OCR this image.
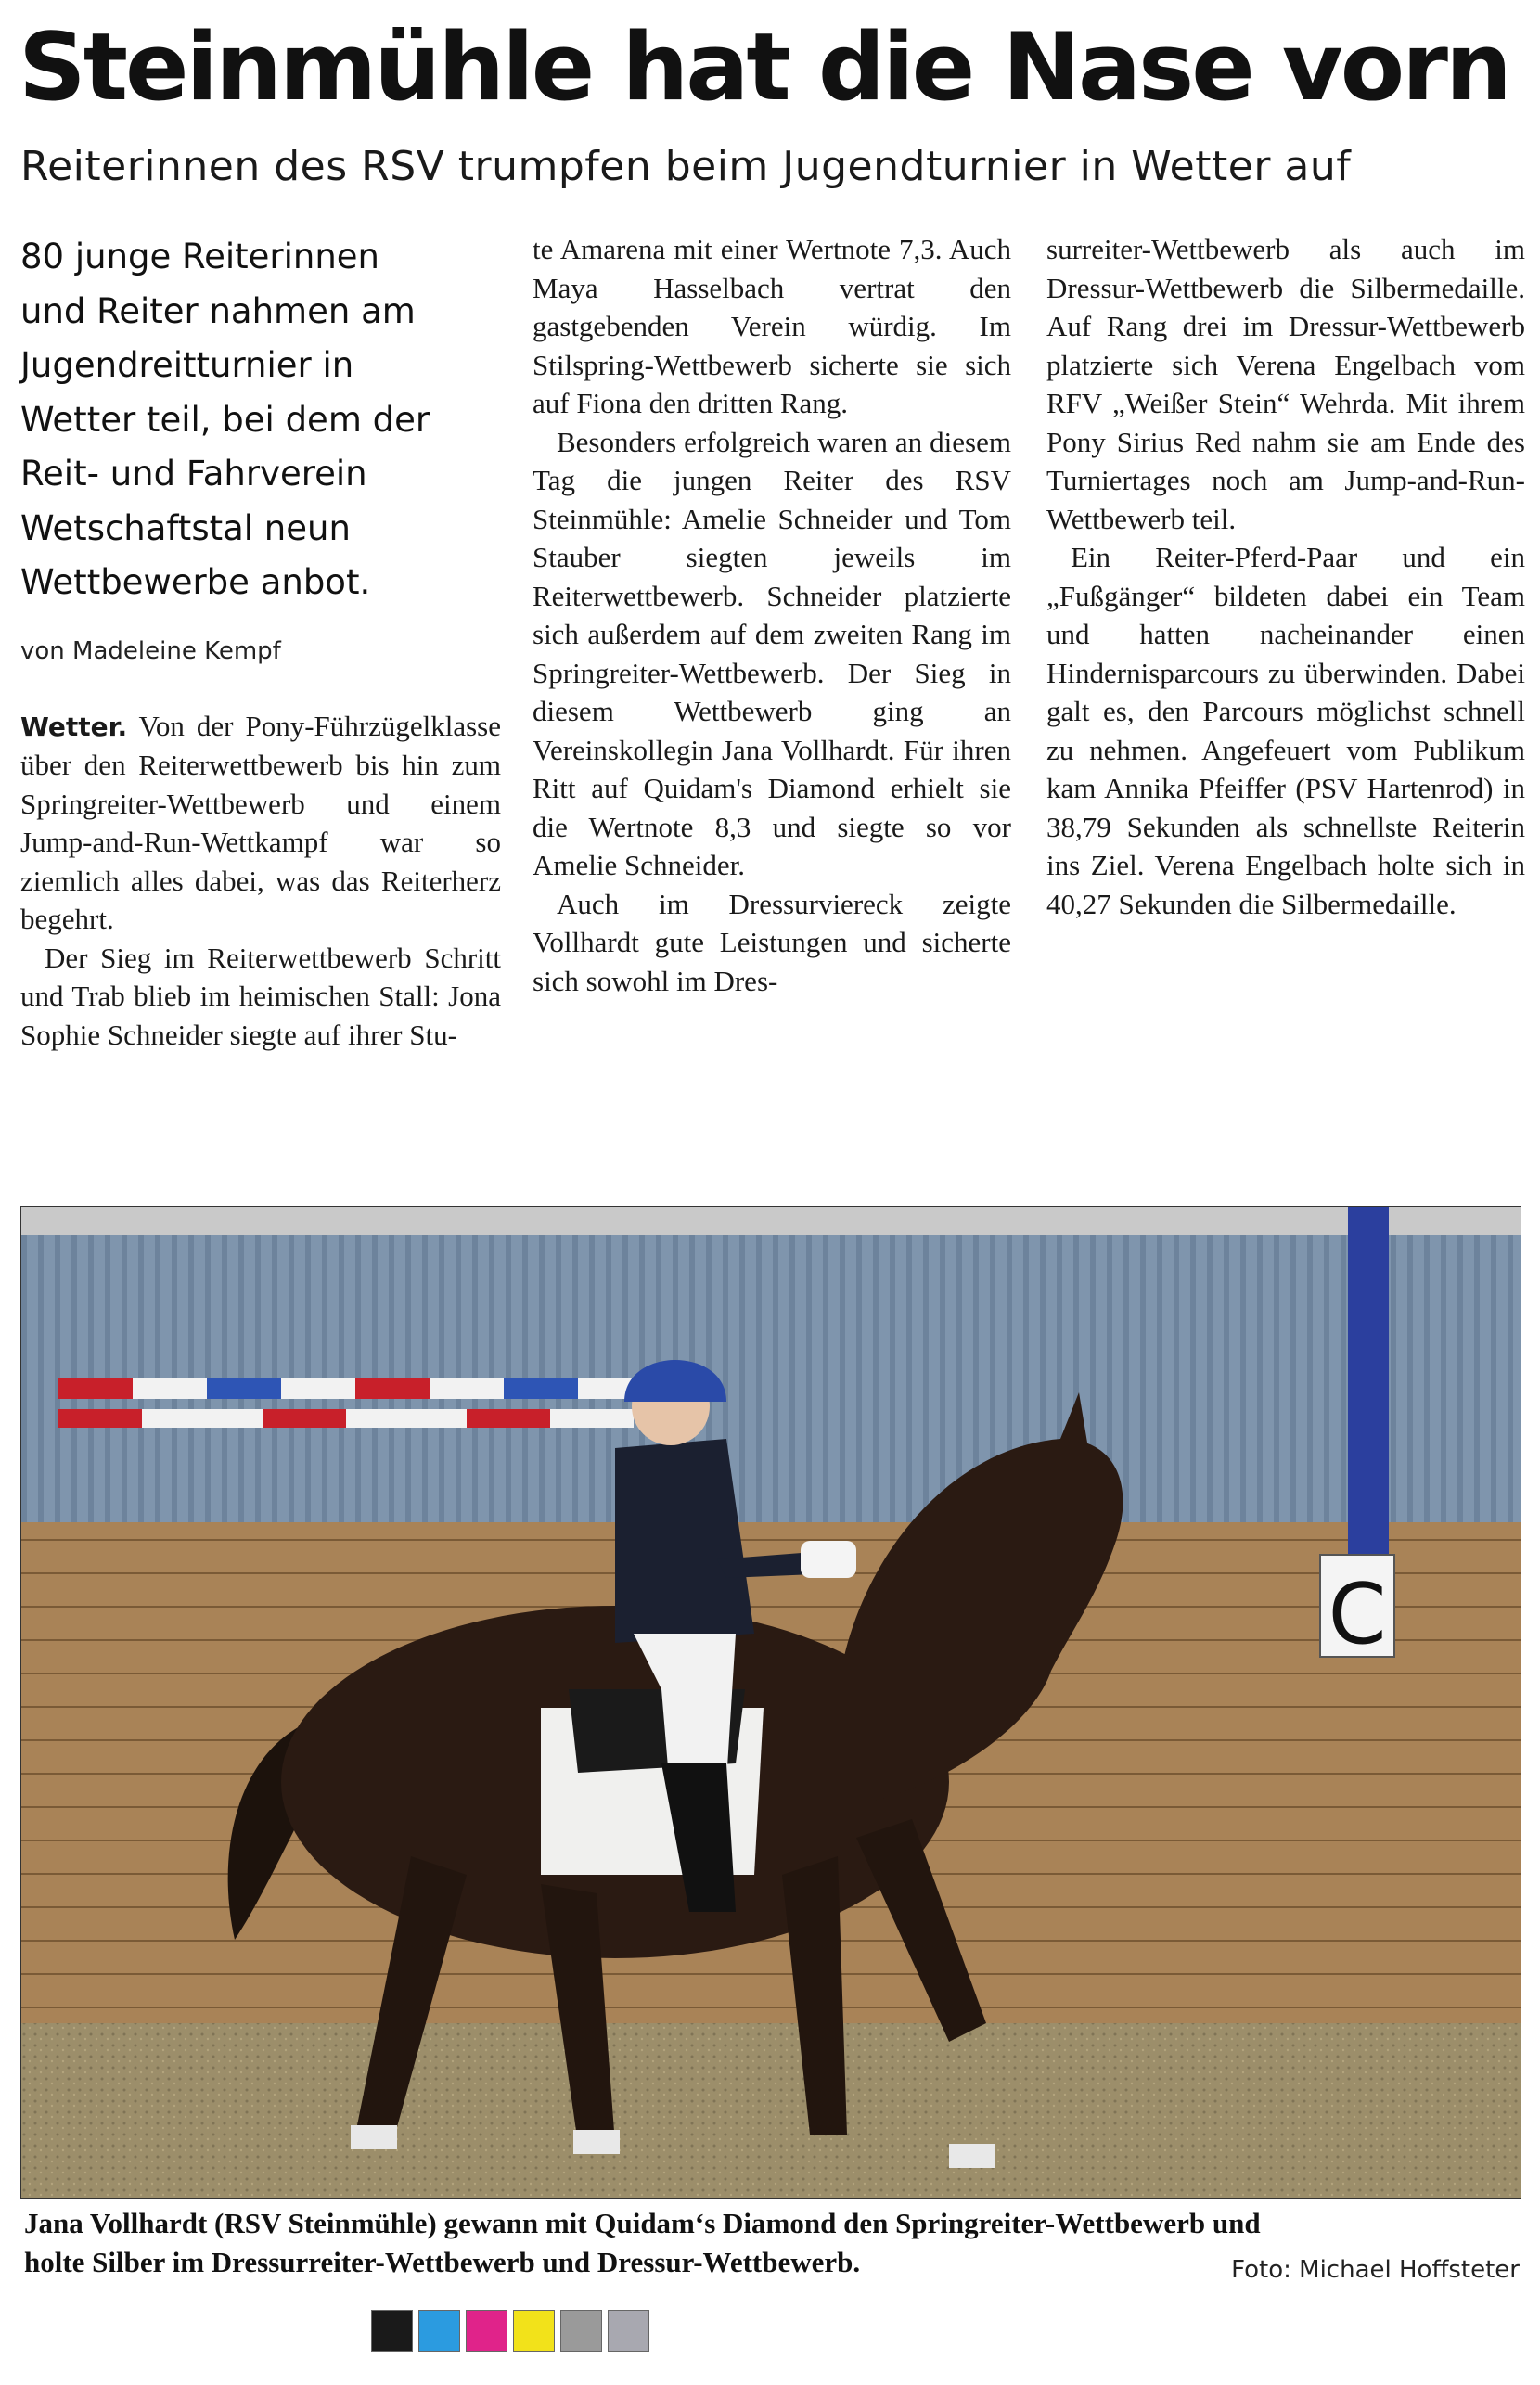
Steinmühle hat die Nase vorn
Reiterinnen des RSV trumpfen beim Jugendturnier in Wetter auf

80 junge Reiterinnen

und Reiter nahmen am

Jugendreitturnier in

Wetter teil, bei dem der

Reit- und Fahrverein

Wetschaftstal neun

Wettbewerbe anbot.

von Madeleine Kempf

Wetter. Von der Pony-Führzügelklasse über den Reiterwettbewerb bis hin zum Springreiter-Wettbewerb und einem Jump-and-Run-Wettkampf war so ziemlich alles dabei, was das Reiterherz begehrt.

Der Sieg im Reiterwettbewerb Schritt und Trab blieb im heimischen Stall: Jona Sophie Schneider siegte auf ihrer Stu-

te Amarena mit einer Wertnote 7,3. Auch Maya Hasselbach vertrat den gastgebenden Verein würdig. Im Stilspring-Wettbewerb sicherte sie sich auf Fiona den dritten Rang.

Besonders erfolgreich waren an diesem Tag die jungen Reiter des RSV Steinmühle: Amelie Schneider und Tom Stauber siegten jeweils im Reiterwettbewerb. Schneider platzierte sich außerdem auf dem zweiten Rang im Springreiter-Wettbewerb. Der Sieg in diesem Wettbewerb ging an Vereinskollegin Jana Vollhardt. Für ihren Ritt auf Quidam's Diamond erhielt sie die Wertnote 8,3 und siegte so vor Amelie Schneider.

Auch im Dressurviereck zeigte Vollhardt gute Leistungen und sicherte sich sowohl im Dres-

surreiter-Wettbewerb als auch im Dressur-Wettbewerb die Silbermedaille. Auf Rang drei im Dressur-Wettbewerb platzierte sich Verena Engelbach vom RFV „Weißer Stein“ Wehrda. Mit ihrem Pony Sirius Red nahm sie am Ende des Turniertages noch am Jump-and-Run-Wettbewerb teil.

Ein Reiter-Pferd-Paar und ein „Fußgänger“ bildeten dabei ein Team und hatten nacheinander einen Hindernisparcours zu überwinden. Dabei galt es, den Parcours möglichst schnell zu nehmen. Angefeuert vom Publikum kam Annika Pfeiffer (PSV Hartenrod) in 38,79 Sekunden als schnellste Reiterin ins Ziel. Verena Engelbach holte sich in 40,27 Sekunden die Silbermedaille.

C
Jana Vollhardt (RSV Steinmühle) gewann mit Quidam‘s Diamond den Springreiter-Wettbewerb und
holte Silber im Dressurreiter-Wettbewerb und Dressur-Wettbewerb.	Foto: Michael Hoffsteter
